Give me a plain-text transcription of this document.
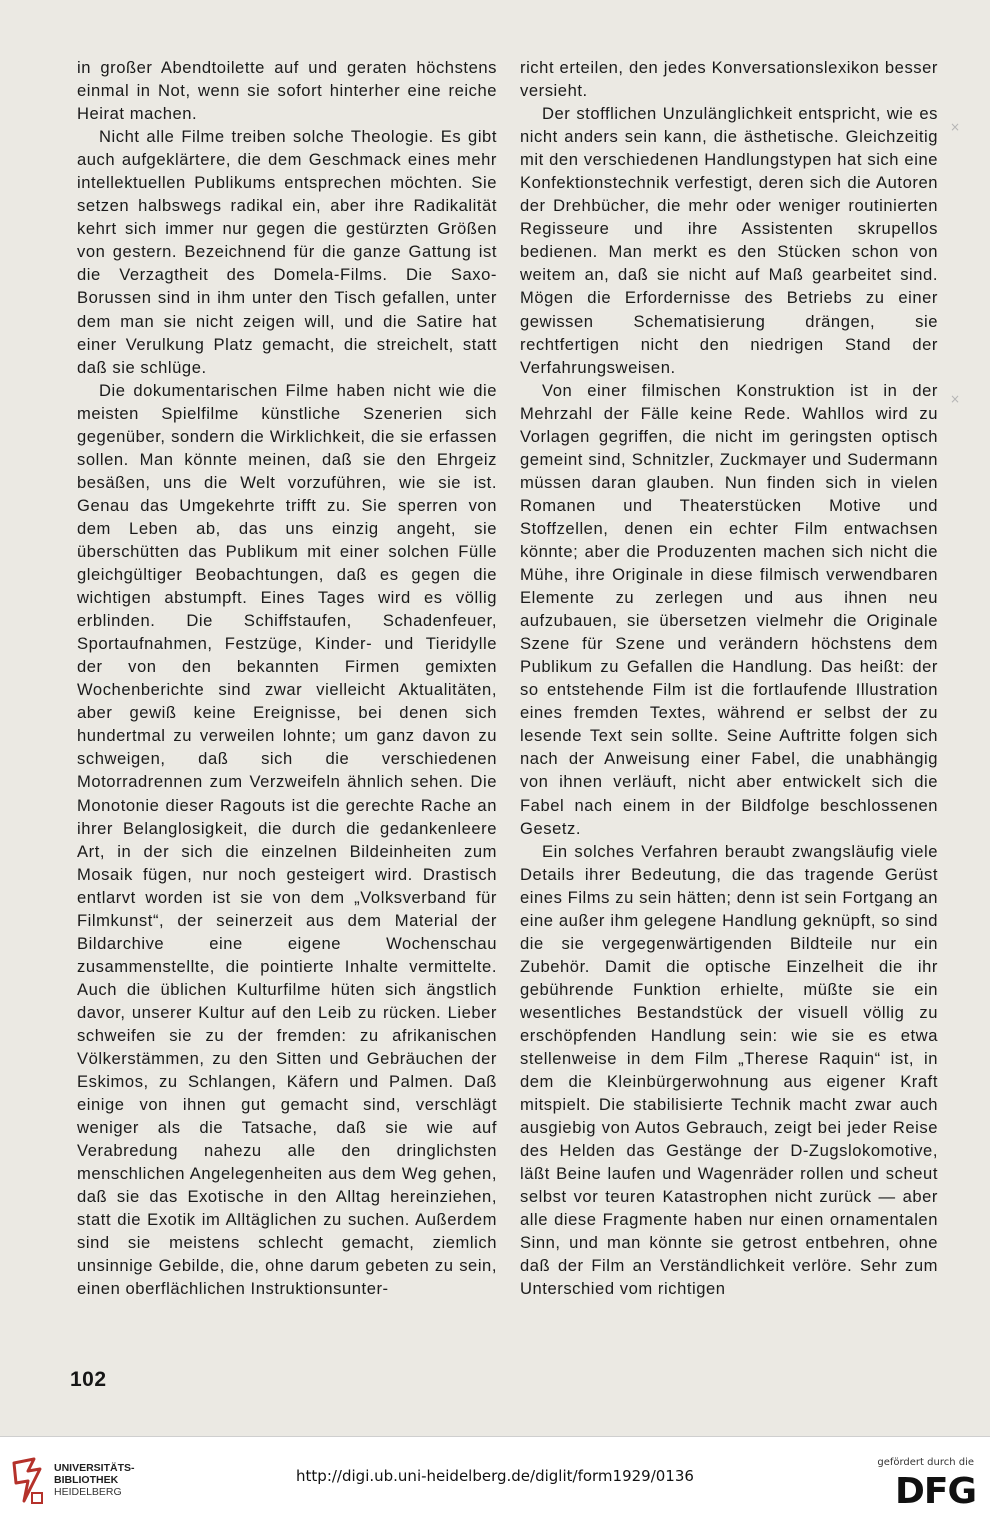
in großer Abendtoilette auf und geraten höchstens einmal in Not, wenn sie sofort hinterher eine reiche Heirat machen.

Nicht alle Filme treiben solche Theologie. Es gibt auch aufgeklärtere, die dem Geschmack eines mehr intellektuellen Publikums entsprechen möchten. Sie setzen halbswegs radikal ein, aber ihre Radikalität kehrt sich immer nur gegen die gestürzten Größen von gestern. Bezeichnend für die ganze Gattung ist die Verzagtheit des Domela-Films. Die Saxo-Borussen sind in ihm unter den Tisch gefallen, unter dem man sie nicht zeigen will, und die Satire hat einer Verulkung Platz gemacht, die streichelt, statt daß sie schlüge.

Die dokumentarischen Filme haben nicht wie die meisten Spielfilme künstliche Szenerien sich gegenüber, sondern die Wirklichkeit, die sie erfassen sollen. Man könnte meinen, daß sie den Ehrgeiz besäßen, uns die Welt vorzuführen, wie sie ist. Genau das Umgekehrte trifft zu. Sie sperren von dem Leben ab, das uns einzig angeht, sie überschütten das Publikum mit einer solchen Fülle gleichgültiger Beobachtungen, daß es gegen die wichtigen abstumpft. Eines Tages wird es völlig erblinden. Die Schiffstaufen, Schadenfeuer, Sportaufnahmen, Festzüge, Kinder- und Tieridylle der von den bekannten Firmen gemixten Wochenberichte sind zwar vielleicht Aktualitäten, aber gewiß keine Ereignisse, bei denen sich hundertmal zu verweilen lohnte; um ganz davon zu schweigen, daß sich die verschiedenen Motorradrennen zum Verzweifeln ähnlich sehen. Die Monotonie dieser Ragouts ist die gerechte Rache an ihrer Belanglosigkeit, die durch die gedankenleere Art, in der sich die einzelnen Bildeinheiten zum Mosaik fügen, nur noch gesteigert wird. Drastisch entlarvt worden ist sie von dem „Volksverband für Filmkunst“, der seinerzeit aus dem Material der Bildarchive eine eigene Wochenschau zusammenstellte, die pointierte Inhalte vermittelte. Auch die üblichen Kulturfilme hüten sich ängstlich davor, unserer Kultur auf den Leib zu rücken. Lieber schweifen sie zu der fremden: zu afrikanischen Völkerstämmen, zu den Sitten und Gebräuchen der Eskimos, zu Schlangen, Käfern und Palmen. Daß einige von ihnen gut gemacht sind, verschlägt weniger als die Tatsache, daß sie wie auf Verabredung nahezu alle den dringlichsten menschlichen Angelegenheiten aus dem Weg gehen, daß sie das Exotische in den Alltag hereinziehen, statt die Exotik im Alltäglichen zu suchen. Außerdem sind sie meistens schlecht gemacht, ziemlich unsinnige Gebilde, die, ohne darum gebeten zu sein, einen oberflächlichen Instruktionsunter-

richt erteilen, den jedes Konversationslexikon besser versieht.

Der stofflichen Unzulänglichkeit entspricht, wie es nicht anders sein kann, die ästhetische. Gleichzeitig mit den verschiedenen Handlungstypen hat sich eine Konfektionstechnik verfestigt, deren sich die Autoren der Drehbücher, die mehr oder weniger routinierten Regisseure und ihre Assistenten skrupellos bedienen. Man merkt es den Stücken schon von weitem an, daß sie nicht auf Maß gearbeitet sind. Mögen die Erfordernisse des Betriebs zu einer gewissen Schematisierung drängen, sie rechtfertigen nicht den niedrigen Stand der Verfahrungsweisen.

Von einer filmischen Konstruktion ist in der Mehrzahl der Fälle keine Rede. Wahllos wird zu Vorlagen gegriffen, die nicht im geringsten optisch gemeint sind, Schnitzler, Zuckmayer und Sudermann müssen daran glauben. Nun finden sich in vielen Romanen und Theaterstücken Motive und Stoffzellen, denen ein echter Film entwachsen könnte; aber die Produzenten machen sich nicht die Mühe, ihre Originale in diese filmisch verwendbaren Elemente zu zerlegen und aus ihnen neu aufzubauen, sie übersetzen vielmehr die Originale Szene für Szene und verändern höchstens dem Publikum zu Gefallen die Handlung. Das heißt: der so entstehende Film ist die fortlaufende Illustration eines fremden Textes, während er selbst der zu lesende Text sein sollte. Seine Auftritte folgen sich nach der Anweisung einer Fabel, die unabhängig von ihnen verläuft, nicht aber entwickelt sich die Fabel nach einem in der Bildfolge beschlossenen Gesetz.

Ein solches Verfahren beraubt zwangsläufig viele Details ihrer Bedeutung, die das tragende Gerüst eines Films zu sein hätten; denn ist sein Fortgang an eine außer ihm gelegene Handlung geknüpft, so sind die sie vergegenwärtigenden Bildteile nur ein Zubehör. Damit die optische Einzelheit die ihr gebührende Funktion erhielte, müßte sie ein wesentliches Bestandstück der visuell völlig zu erschöpfenden Handlung sein: wie sie es etwa stellenweise in dem Film „Therese Raquin“ ist, in dem die Kleinbürgerwohnung aus eigener Kraft mitspielt. Die stabilisierte Technik macht zwar auch ausgiebig von Autos Gebrauch, zeigt bei jeder Reise des Helden das Gestänge der D-Zugslokomotive, läßt Beine laufen und Wagenräder rollen und scheut selbst vor teuren Katastrophen nicht zurück — aber alle diese Fragmente haben nur einen ornamentalen Sinn, und man könnte sie getrost entbehren, ohne daß der Film an Verständlichkeit verlöre. Sehr zum Unterschied vom richtigen

×
×
102
UNIVERSITÄTS-
BIBLIOTHEK
HEIDELBERG
http://digi.ub.uni-heidelberg.de/diglit/form1929/0136
gefördert durch die
DFG
